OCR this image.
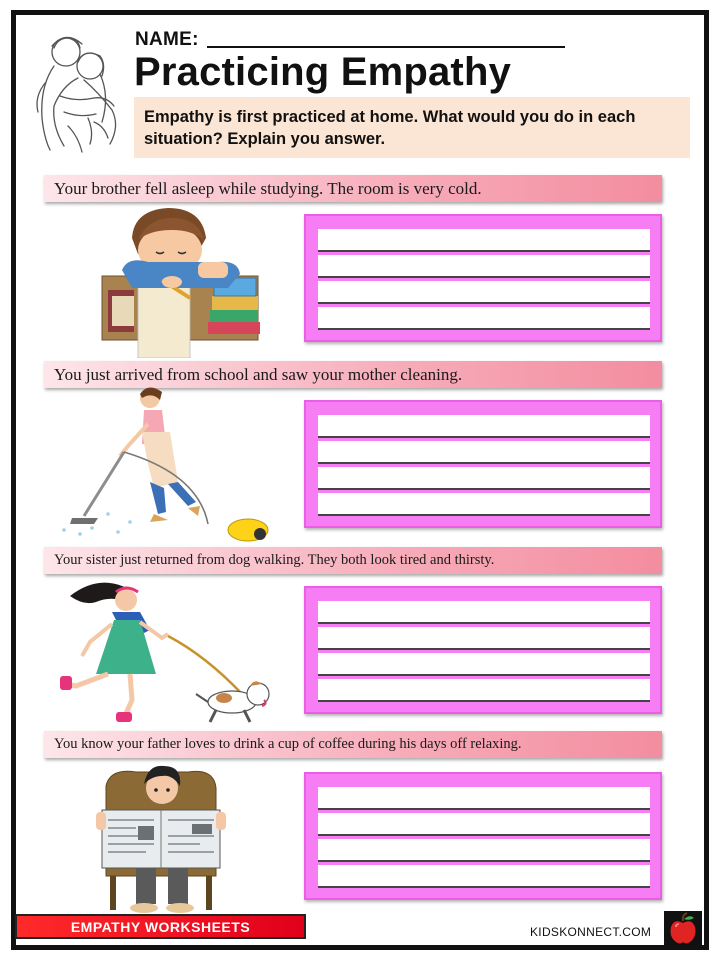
NAME:
Practicing Empathy
Empathy is first practiced at home. What would you do in each situation? Explain you answer.
Your brother fell asleep while studying. The room is very cold.
You just arrived from school and saw your mother cleaning.
Your sister just returned from dog walking. They both look tired and thirsty.
You know your father loves to drink a cup of coffee during his days off relaxing.
EMPATHY WORKSHEETS	KIDSKONNECT.COM
